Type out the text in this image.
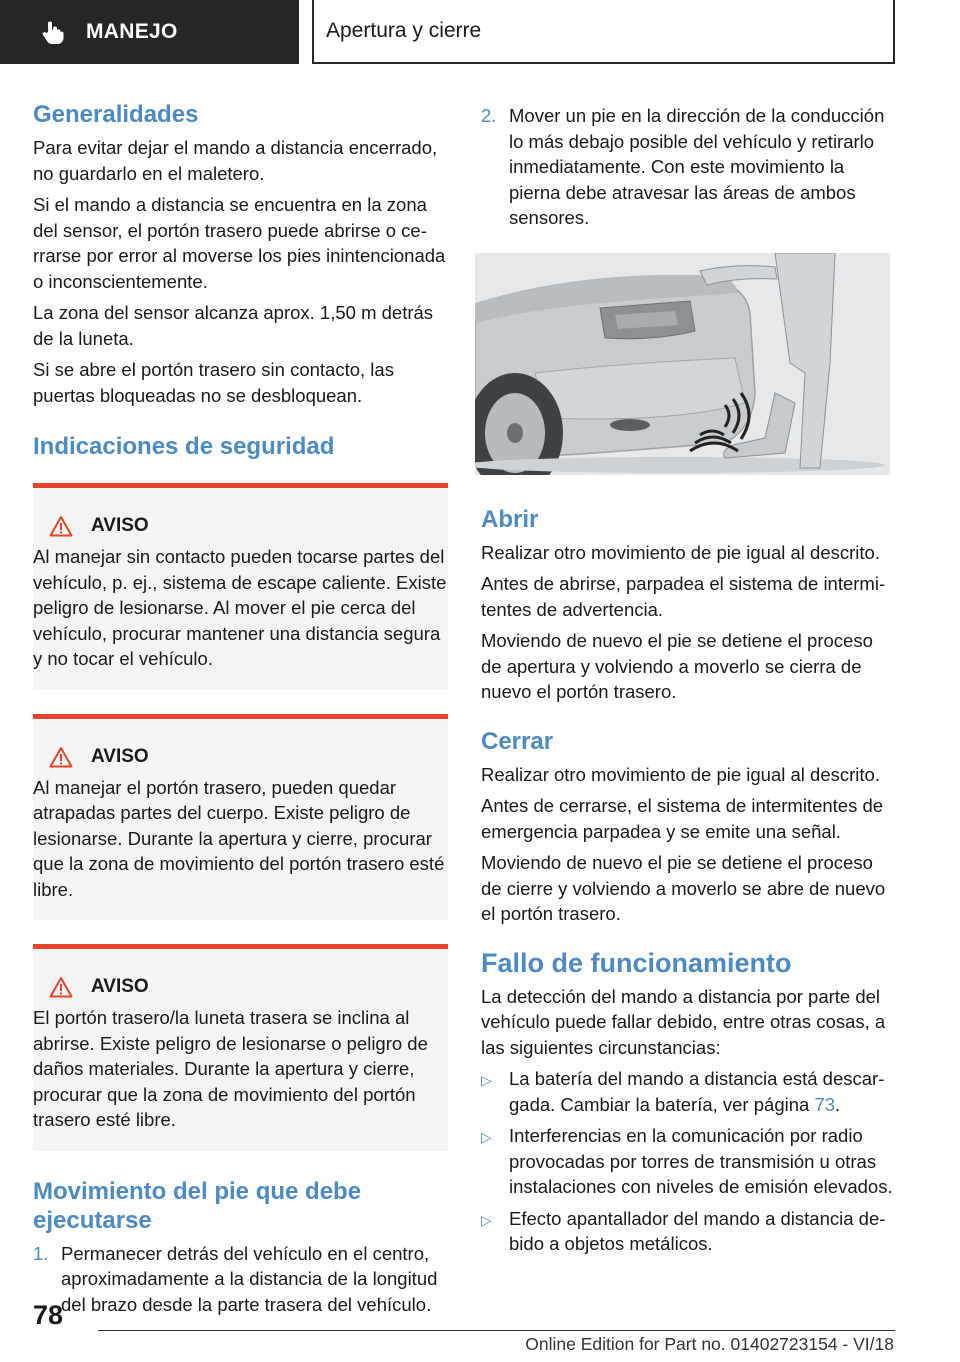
MANEJO	Apertura y cierre
Generalidades

Para evitar dejar el mando a distancia encerrado, no guardarlo en el maletero.

Si el mando a distancia se encuentra en la zona del sensor, el portón trasero puede abrirse o cerrarse por error al moverse los pies inintencionada o inconscientemente.

La zona del sensor alcanza aprox. 1,50 m detrás de la luneta.

Si se abre el portón trasero sin contacto, las puertas bloqueadas no se desbloquean.

Indicaciones de seguridad
AVISO

Al manejar sin contacto pueden tocarse partes del vehículo, p. ej., sistema de escape caliente. Existe peligro de lesionarse. Al mover el pie cerca del vehículo, procurar mantener una distancia segura y no tocar el vehículo.

AVISO

Al manejar el portón trasero, pueden quedar atrapadas partes del cuerpo. Existe peligro de lesionarse. Durante la apertura y cierre, procurar que la zona de movimiento del portón trasero esté libre.

AVISO

El portón trasero/la luneta trasera se inclina al abrirse. Existe peligro de lesionarse o peligro de daños materiales. Durante la apertura y cierre, procurar que la zona de movimiento del portón trasero esté libre.

Movimiento del pie que debe ejecutarse
1. Permanecer detrás del vehículo en el centro, aproximadamente a la distancia de la longitud del brazo desde la parte trasera del vehículo.
2. Mover un pie en la dirección de la conducción lo más debajo posible del vehículo y retirarlo inmediatamente. Con este movimiento la pierna debe atravesar las áreas de ambos sensores.
Abrir

Realizar otro movimiento de pie igual al descrito.

Antes de abrirse, parpadea el sistema de intermitentes de advertencia.

Moviendo de nuevo el pie se detiene el proceso de apertura y volviendo a moverlo se cierra de nuevo el portón trasero.

Cerrar

Realizar otro movimiento de pie igual al descrito.

Antes de cerrarse, el sistema de intermitentes de emergencia parpadea y se emite una señal.

Moviendo de nuevo el pie se detiene el proceso de cierre y volviendo a moverlo se abre de nuevo el portón trasero.

Fallo de funcionamiento

La detección del mando a distancia por parte del vehículo puede fallar debido, entre otras cosas, a las siguientes circunstancias:

▷ La batería del mando a distancia está descargada. Cambiar la batería, ver página 73.
▷ Interferencias en la comunicación por radio provocadas por torres de transmisión u otras instalaciones con niveles de emisión elevados.
▷ Efecto apantallador del mando a distancia debido a objetos metálicos.
78
Online Edition for Part no. 01402723154 - VI/18
